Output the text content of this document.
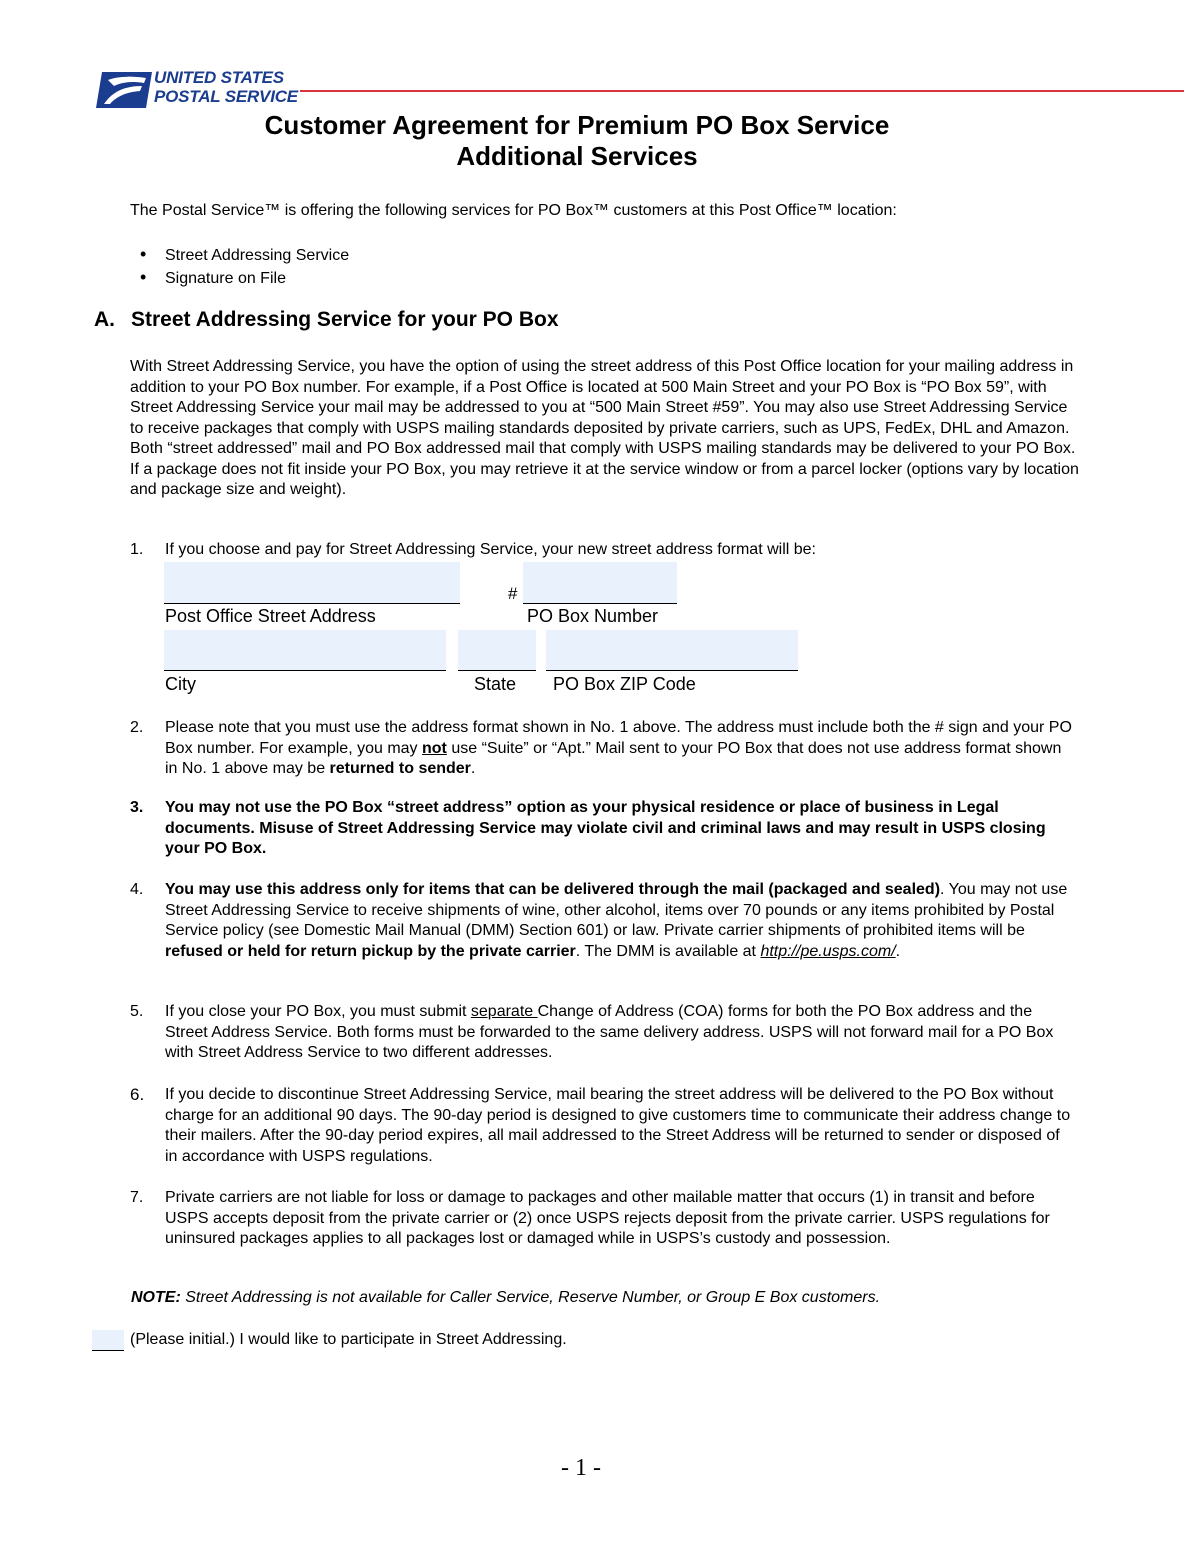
UNITED STATES
POSTAL SERVICE
Customer Agreement for Premium PO Box Service
Additional Services
The Postal Service™ is offering the following services for PO Box™ customers at this Post Office™ location:
• Street Addressing Service
• Signature on File
A. Street Addressing Service for your PO Box
With Street Addressing Service, you have the option of using the street address of this Post Office location for your mailing address in addition to your PO Box number. For example, if a Post Office is located at 500 Main Street and your PO Box is “PO Box 59”, with Street Addressing Service your mail may be addressed to you at “500 Main Street #59”. You may also use Street Addressing Service to receive packages that comply with USPS mailing standards deposited by private carriers, such as UPS, FedEx, DHL and Amazon. Both “street addressed” mail and PO Box addressed mail that comply with USPS mailing standards may be delivered to your PO Box. If a package does not fit inside your PO Box, you may retrieve it at the service window or from a parcel locker (options vary by location and package size and weight).
1. If you choose and pay for Street Addressing Service, your new street address format will be:
#
Post Office Street Address	PO Box Number
City	State PO Box ZIP Code
2. Please note that you must use the address format shown in No. 1 above. The address must include both the # sign and your PO Box number. For example, you may not use “Suite” or “Apt.” Mail sent to your PO Box that does not use address format shown in No. 1 above may be returned to sender.
3. You may not use the PO Box “street address” option as your physical residence or place of business in Legal documents. Misuse of Street Addressing Service may violate civil and criminal laws and may result in USPS closing your PO Box.
4. You may use this address only for items that can be delivered through the mail (packaged and sealed). You may not use Street Addressing Service to receive shipments of wine, other alcohol, items over 70 pounds or any items prohibited by Postal Service policy (see Domestic Mail Manual (DMM) Section 601) or law. Private carrier shipments of prohibited items will be refused or held for return pickup by the private carrier. The DMM is available at http://pe.usps.com/.
5. If you close your PO Box, you must submit separate Change of Address (COA) forms for both the PO Box address and the Street Address Service. Both forms must be forwarded to the same delivery address. USPS will not forward mail for a PO Box with Street Address Service to two different addresses.
6. If you decide to discontinue Street Addressing Service, mail bearing the street address will be delivered to the PO Box without charge for an additional 90 days. The 90-day period is designed to give customers time to communicate their address change to their mailers. After the 90-day period expires, all mail addressed to the Street Address will be returned to sender or disposed of in accordance with USPS regulations.
7. Private carriers are not liable for loss or damage to packages and other mailable matter that occurs (1) in transit and before USPS accepts deposit from the private carrier or (2) once USPS rejects deposit from the private carrier. USPS regulations for uninsured packages applies to all packages lost or damaged while in USPS’s custody and possession.
NOTE: Street Addressing is not available for Caller Service, Reserve Number, or Group E Box customers.
(Please initial.) I would like to participate in Street Addressing.
- 1 -
